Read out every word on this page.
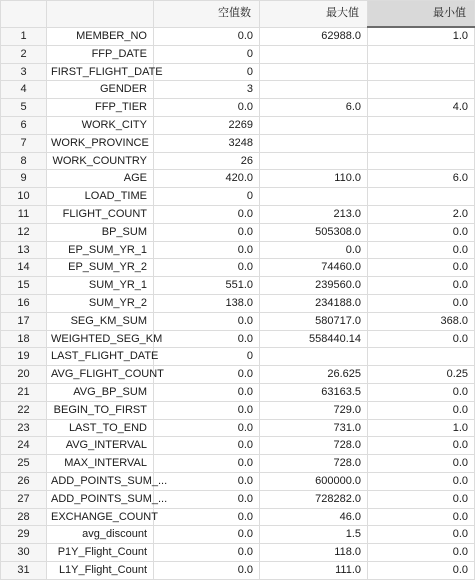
		空值数	最大值	最小值
1	MEMBER_NO	0.0	62988.0	1.0
2	FFP_DATE	0		
3	FIRST_FLIGHT_DATE	0		
4	GENDER	3		
5	FFP_TIER	0.0	6.0	4.0
6	WORK_CITY	2269		
7	WORK_PROVINCE	3248		
8	WORK_COUNTRY	26		
9	AGE	420.0	110.0	6.0
10	LOAD_TIME	0		
11	FLIGHT_COUNT	0.0	213.0	2.0
12	BP_SUM	0.0	505308.0	0.0
13	EP_SUM_YR_1	0.0	0.0	0.0
14	EP_SUM_YR_2	0.0	74460.0	0.0
15	SUM_YR_1	551.0	239560.0	0.0
16	SUM_YR_2	138.0	234188.0	0.0
17	SEG_KM_SUM	0.0	580717.0	368.0
18	WEIGHTED_SEG_KM	0.0	558440.14	0.0
19	LAST_FLIGHT_DATE	0		
20	AVG_FLIGHT_COUNT	0.0	26.625	0.25
21	AVG_BP_SUM	0.0	63163.5	0.0
22	BEGIN_TO_FIRST	0.0	729.0	0.0
23	LAST_TO_END	0.0	731.0	1.0
24	AVG_INTERVAL	0.0	728.0	0.0
25	MAX_INTERVAL	0.0	728.0	0.0
26	ADD_POINTS_SUM_...	0.0	600000.0	0.0
27	ADD_POINTS_SUM_...	0.0	728282.0	0.0
28	EXCHANGE_COUNT	0.0	46.0	0.0
29	avg_discount	0.0	1.5	0.0
30	P1Y_Flight_Count	0.0	118.0	0.0
31	L1Y_Flight_Count	0.0	111.0	0.0
